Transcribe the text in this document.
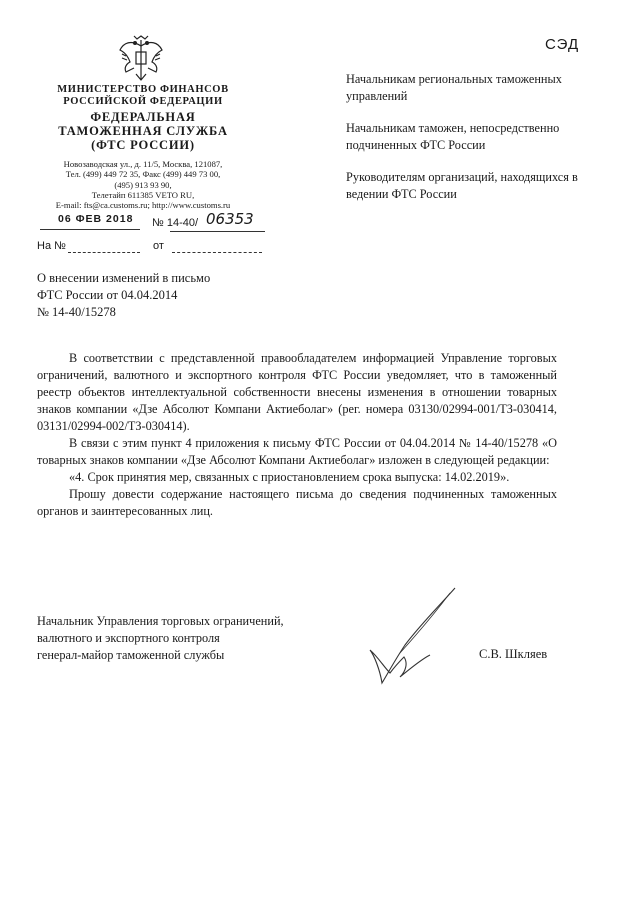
СЭД
МИНИСТЕРСТВО ФИНАНСОВ
РОССИЙСКОЙ ФЕДЕРАЦИИ
ФЕДЕРАЛЬНАЯ
ТАМОЖЕННАЯ СЛУЖБА
(ФТС РОССИИ)
Новозаводская ул., д. 11/5, Москва, 121087,
Тел. (499) 449 72 35, Факс (499) 449 73 00,
(495) 913 93 90,
Телетайп 611385 VETO RU,
E-mail: fts@ca.customs.ru; http://www.customs.ru
06 ФЕВ 2018 № 14-40/ 06353
На №	от

Начальникам региональных таможенных управлений

Начальникам таможен, непосредственно подчиненных ФТС России

Руководителям организаций, находящихся в ведении ФТС России

О внесении изменений в письмо
ФТС России от 04.04.2014
№ 14-40/15278

В соответствии с представленной правообладателем информацией Управление торговых ограничений, валютного и экспортного контроля ФТС России уведомляет, что в таможенный реестр объектов интеллектуальной собственности внесены изменения в отношении товарных знаков компании «Дзе Абсолют Компани Актиеболаг» (рег. номера 03130/02994-001/ТЗ-030414, 03131/02994-002/ТЗ-030414).

В связи с этим пункт 4 приложения к письму ФТС России от 04.04.2014 № 14-40/15278 «О товарных знаков компании «Дзе Абсолют Компани Актиеболаг» изложен в следующей редакции:

«4. Срок принятия мер, связанных с приостановлением срока выпуска: 14.02.2019».

Прошу довести содержание настоящего письма до сведения подчиненных таможенных органов и заинтересованных лиц.

Начальник Управления торговых ограничений,
валютного и экспортного контроля
генерал-майор таможенной службы	С.В. Шкляев
